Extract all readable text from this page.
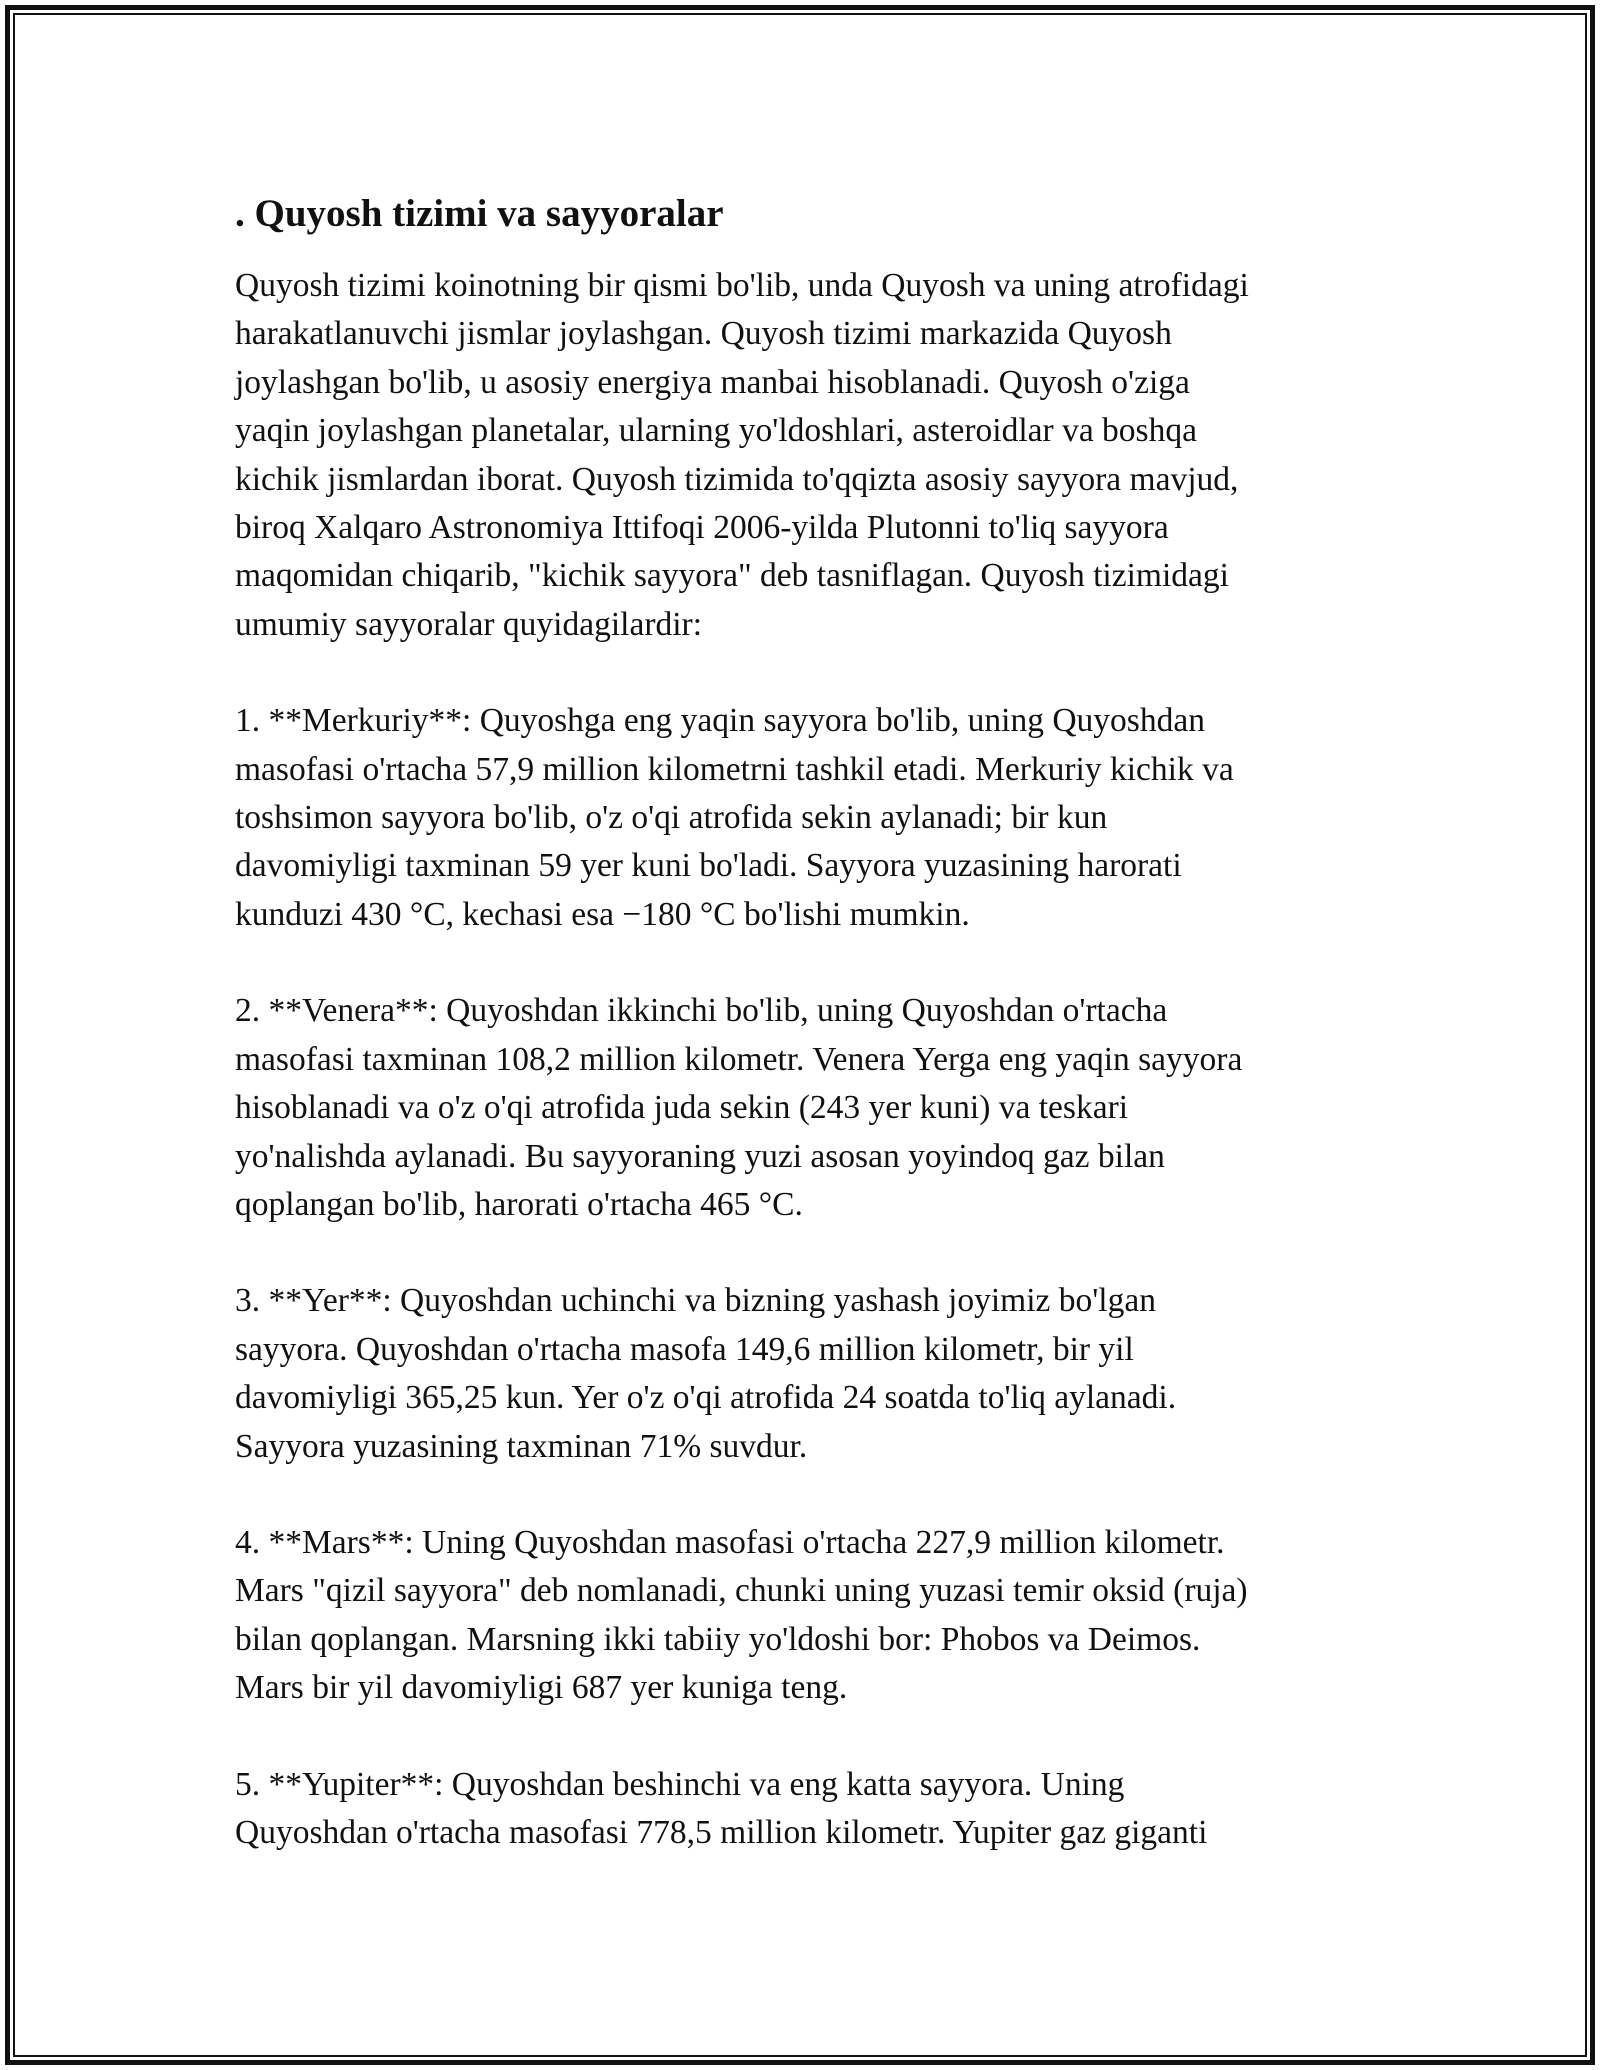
. Quyosh tizimi va sayyoralar
Quyosh tizimi koinotning bir qismi bo'lib, unda Quyosh va uning atrofidagi
harakatlanuvchi jismlar joylashgan. Quyosh tizimi markazida Quyosh
joylashgan bo'lib, u asosiy energiya manbai hisoblanadi. Quyosh o'ziga
yaqin joylashgan planetalar, ularning yo'ldoshlari, asteroidlar va boshqa
kichik jismlardan iborat. Quyosh tizimida to'qqizta asosiy sayyora mavjud,
biroq Xalqaro Astronomiya Ittifoqi 2006-yilda Plutonni to'liq sayyora
maqomidan chiqarib, "kichik sayyora" deb tasniflagan. Quyosh tizimidagi
umumiy sayyoralar quyidagilardir:
1. **Merkuriy**: Quyoshga eng yaqin sayyora bo'lib, uning Quyoshdan
masofasi o'rtacha 57,9 million kilometrni tashkil etadi. Merkuriy kichik va
toshsimon sayyora bo'lib, o'z o'qi atrofida sekin aylanadi; bir kun
davomiyligi taxminan 59 yer kuni bo'ladi. Sayyora yuzasining harorati
kunduzi 430 °C, kechasi esa −180 °C bo'lishi mumkin.
2. **Venera**: Quyoshdan ikkinchi bo'lib, uning Quyoshdan o'rtacha
masofasi taxminan 108,2 million kilometr. Venera Yerga eng yaqin sayyora
hisoblanadi va o'z o'qi atrofida juda sekin (243 yer kuni) va teskari
yo'nalishda aylanadi. Bu sayyoraning yuzi asosan yoyindoq gaz bilan
qoplangan bo'lib, harorati o'rtacha 465 °C.
3. **Yer**: Quyoshdan uchinchi va bizning yashash joyimiz bo'lgan
sayyora. Quyoshdan o'rtacha masofa 149,6 million kilometr, bir yil
davomiyligi 365,25 kun. Yer o'z o'qi atrofida 24 soatda to'liq aylanadi.
Sayyora yuzasining taxminan 71% suvdur.
4. **Mars**: Uning Quyoshdan masofasi o'rtacha 227,9 million kilometr.
Mars "qizil sayyora" deb nomlanadi, chunki uning yuzasi temir oksid (ruja)
bilan qoplangan. Marsning ikki tabiiy yo'ldoshi bor: Phobos va Deimos.
Mars bir yil davomiyligi 687 yer kuniga teng.
5. **Yupiter**: Quyoshdan beshinchi va eng katta sayyora. Uning
Quyoshdan o'rtacha masofasi 778,5 million kilometr. Yupiter gaz giganti
